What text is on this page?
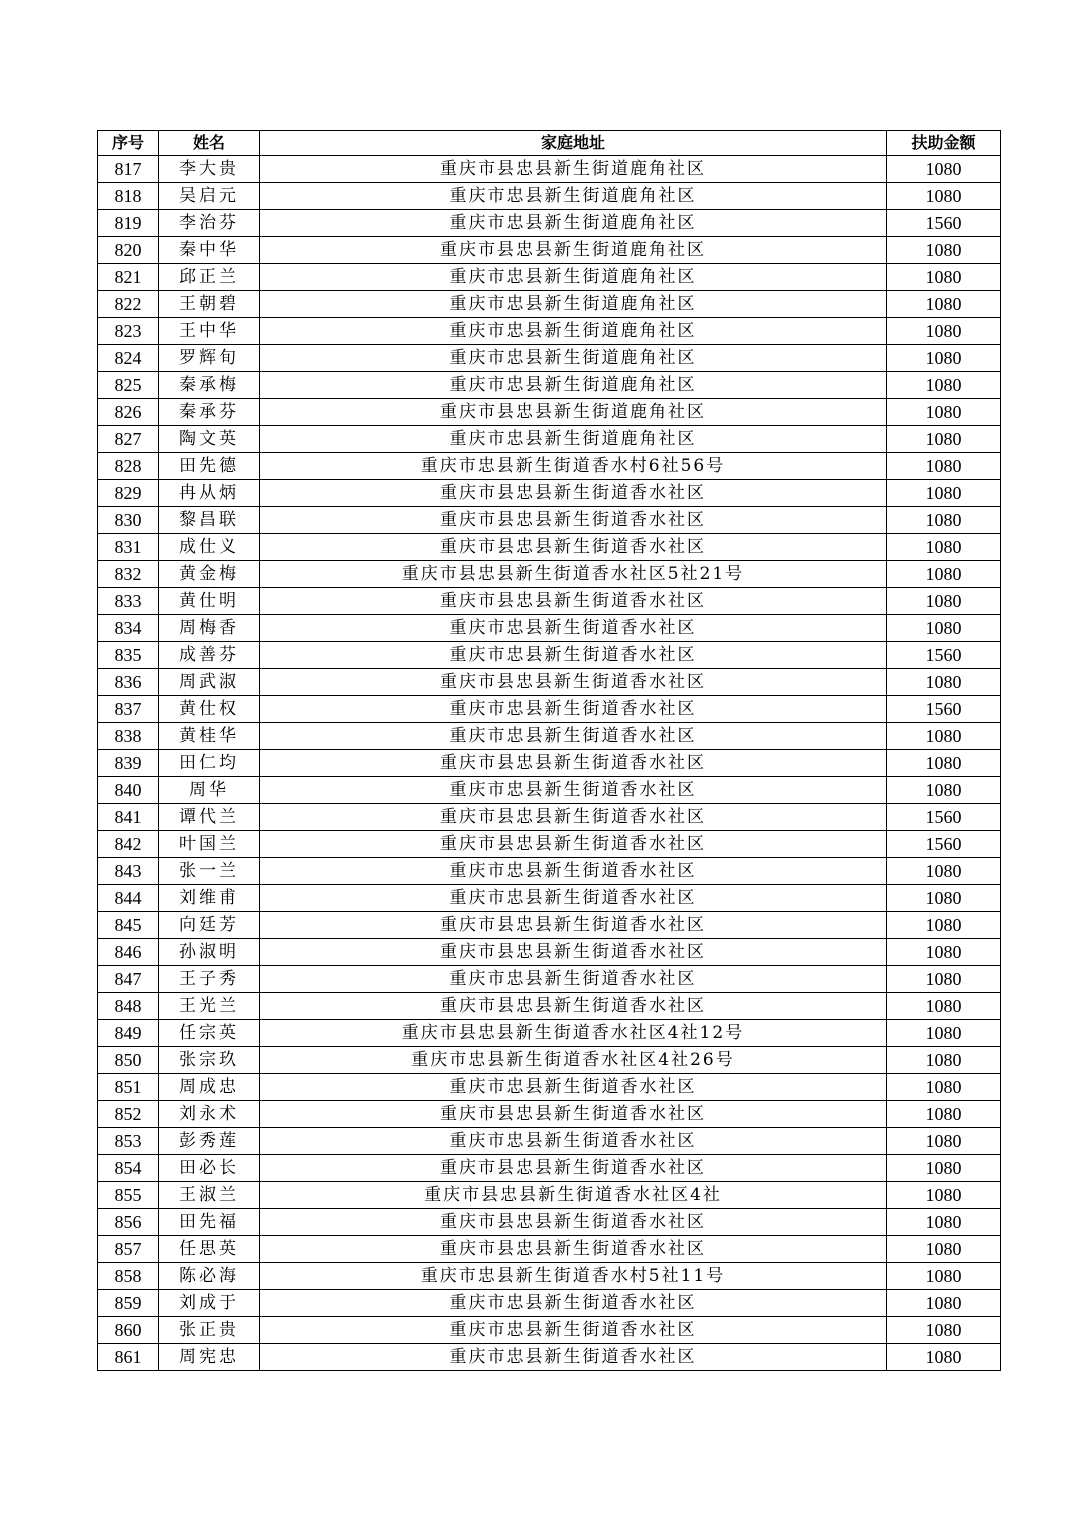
序号	姓名	家庭地址	扶助金额
817	李大贵	重庆市县忠县新生街道鹿角社区	1080
818	吴启元	重庆市忠县新生街道鹿角社区	1080
819	李治芬	重庆市忠县新生街道鹿角社区	1560
820	秦中华	重庆市县忠县新生街道鹿角社区	1080
821	邱正兰	重庆市忠县新生街道鹿角社区	1080
822	王朝碧	重庆市忠县新生街道鹿角社区	1080
823	王中华	重庆市忠县新生街道鹿角社区	1080
824	罗辉旬	重庆市忠县新生街道鹿角社区	1080
825	秦承梅	重庆市忠县新生街道鹿角社区	1080
826	秦承芬	重庆市县忠县新生街道鹿角社区	1080
827	陶文英	重庆市忠县新生街道鹿角社区	1080
828	田先德	重庆市忠县新生街道香水村6社56号	1080
829	冉从炳	重庆市县忠县新生街道香水社区	1080
830	黎昌联	重庆市县忠县新生街道香水社区	1080
831	成仕义	重庆市县忠县新生街道香水社区	1080
832	黄金梅	重庆市县忠县新生街道香水社区5社21号	1080
833	黄仕明	重庆市县忠县新生街道香水社区	1080
834	周梅香	重庆市忠县新生街道香水社区	1080
835	成善芬	重庆市忠县新生街道香水社区	1560
836	周武淑	重庆市县忠县新生街道香水社区	1080
837	黄仕权	重庆市忠县新生街道香水社区	1560
838	黄桂华	重庆市忠县新生街道香水社区	1080
839	田仁均	重庆市县忠县新生街道香水社区	1080
840	周华	重庆市忠县新生街道香水社区	1080
841	谭代兰	重庆市县忠县新生街道香水社区	1560
842	叶国兰	重庆市县忠县新生街道香水社区	1560
843	张一兰	重庆市忠县新生街道香水社区	1080
844	刘维甫	重庆市忠县新生街道香水社区	1080
845	向廷芳	重庆市县忠县新生街道香水社区	1080
846	孙淑明	重庆市县忠县新生街道香水社区	1080
847	王子秀	重庆市忠县新生街道香水社区	1080
848	王光兰	重庆市县忠县新生街道香水社区	1080
849	任宗英	重庆市县忠县新生街道香水社区4社12号	1080
850	张宗玖	重庆市忠县新生街道香水社区4社26号	1080
851	周成忠	重庆市忠县新生街道香水社区	1080
852	刘永术	重庆市县忠县新生街道香水社区	1080
853	彭秀莲	重庆市忠县新生街道香水社区	1080
854	田必长	重庆市县忠县新生街道香水社区	1080
855	王淑兰	重庆市县忠县新生街道香水社区4社	1080
856	田先福	重庆市县忠县新生街道香水社区	1080
857	任思英	重庆市县忠县新生街道香水社区	1080
858	陈必海	重庆市忠县新生街道香水村5社11号	1080
859	刘成于	重庆市忠县新生街道香水社区	1080
860	张正贵	重庆市忠县新生街道香水社区	1080
861	周宪忠	重庆市忠县新生街道香水社区	1080
